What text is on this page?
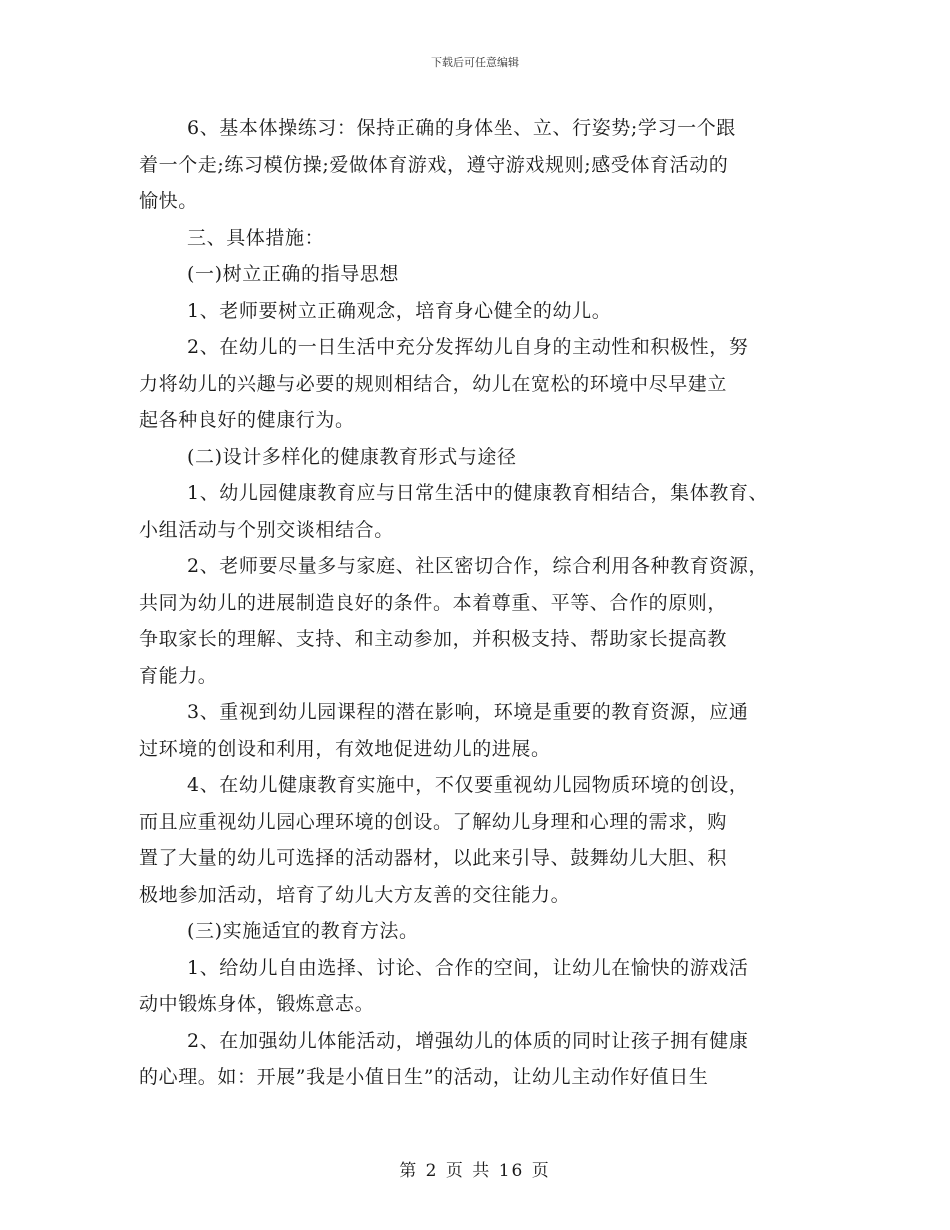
下载后可任意编辑
6、基本体操练习：保持正确的身体坐、立、行姿势;学习一个跟
着一个走;练习模仿操;爱做体育游戏，遵守游戏规则;感受体育活动的
愉快。
三、具体措施：
(一)树立正确的指导思想
1、老师要树立正确观念，培育身心健全的幼儿。
2、在幼儿的一日生活中充分发挥幼儿自身的主动性和积极性，努
力将幼儿的兴趣与必要的规则相结合，幼儿在宽松的环境中尽早建立
起各种良好的健康行为。
(二)设计多样化的健康教育形式与途径
1、幼儿园健康教育应与日常生活中的健康教育相结合，集体教育、
小组活动与个别交谈相结合。
2、老师要尽量多与家庭、社区密切合作，综合利用各种教育资源，
共同为幼儿的进展制造良好的条件。本着尊重、平等、合作的原则，
争取家长的理解、支持、和主动参加，并积极支持、帮助家长提高教
育能力。
3、重视到幼儿园课程的潜在影响，环境是重要的教育资源，应通
过环境的创设和利用，有效地促进幼儿的进展。
4、在幼儿健康教育实施中，不仅要重视幼儿园物质环境的创设，
而且应重视幼儿园心理环境的创设。了解幼儿身理和心理的需求，购
置了大量的幼儿可选择的活动器材，以此来引导、鼓舞幼儿大胆、积
极地参加活动，培育了幼儿大方友善的交往能力。
(三)实施适宜的教育方法。
1、给幼儿自由选择、讨论、合作的空间，让幼儿在愉快的游戏活
动中锻炼身体，锻炼意志。
2、在加强幼儿体能活动，增强幼儿的体质的同时让孩子拥有健康
的心理。如：开展”我是小值日生”的活动，让幼儿主动作好值日生
第 2 页 共 16 页
